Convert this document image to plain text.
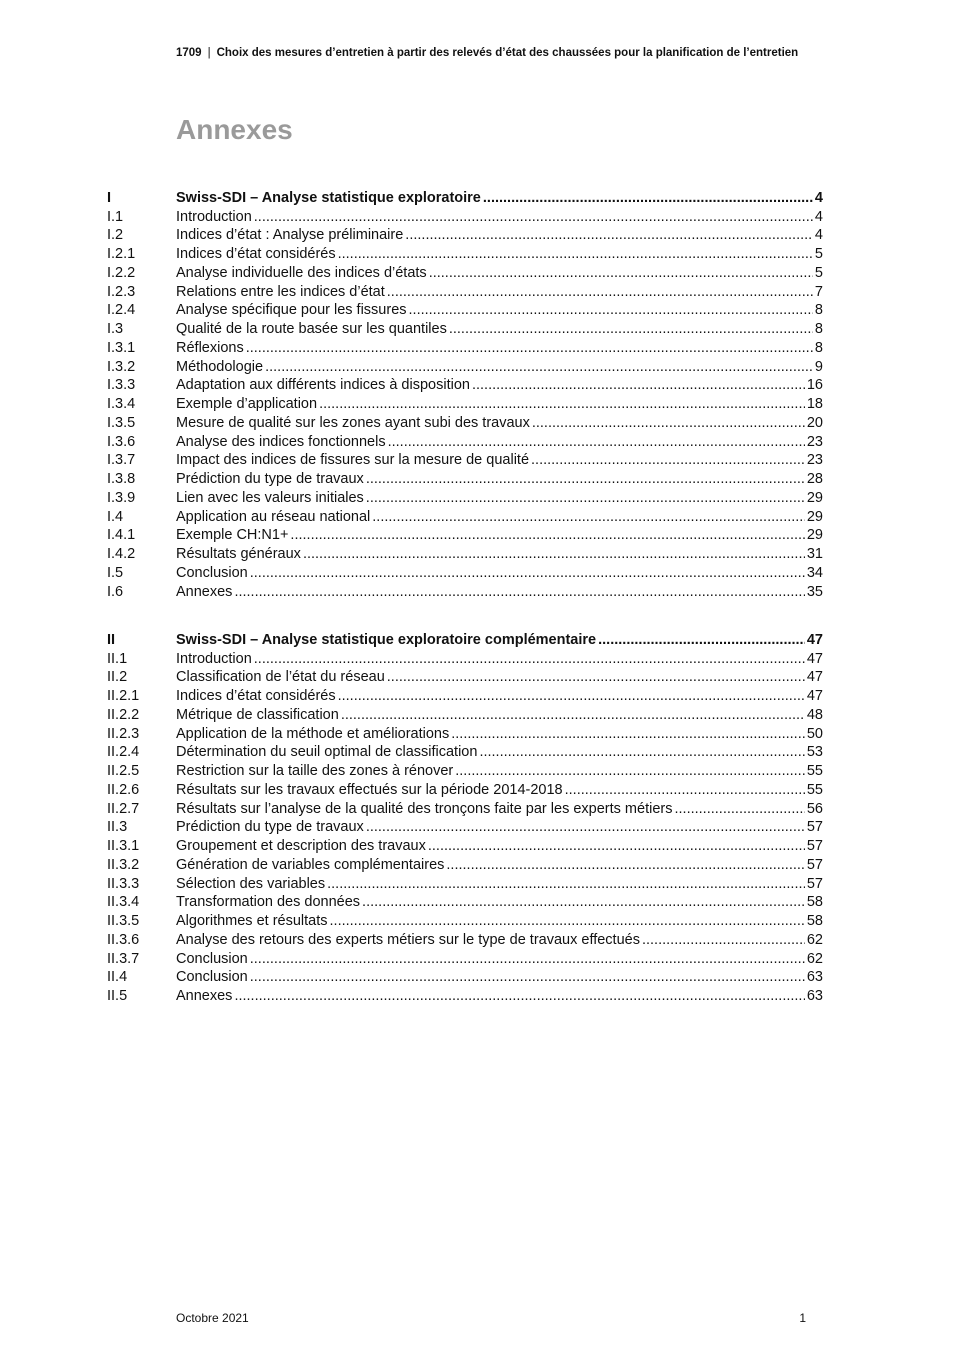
1709 | Choix des mesures d’entretien à partir des relevés d’état des chaussées pour la planification de l’entretien
Annexes
I	Swiss-SDI – Analyse statistique exploratoire .....	4
I.1	Introduction .....	4
I.2	Indices d’état : Analyse préliminaire .....	4
I.2.1	Indices d’état considérés .....	5
I.2.2	Analyse individuelle des indices d’états .....	5
I.2.3	Relations entre les indices d’état .....	7
I.2.4	Analyse spécifique pour les fissures .....	8
I.3	Qualité de la route basée sur les quantiles .....	8
I.3.1	Réflexions .....	8
I.3.2	Méthodologie .....	9
I.3.3	Adaptation aux différents indices à disposition .....	16
I.3.4	Exemple d’application .....	18
I.3.5	Mesure de qualité sur les zones ayant subi des travaux .....	20
I.3.6	Analyse des indices fonctionnels .....	23
I.3.7	Impact des indices de fissures sur la mesure de qualité .....	23
I.3.8	Prédiction du type de travaux .....	28
I.3.9	Lien avec les valeurs initiales .....	29
I.4	Application au réseau national .....	29
I.4.1	Exemple CH:N1+ .....	29
I.4.2	Résultats généraux .....	31
I.5	Conclusion .....	34
I.6	Annexes .....	35
II	Swiss-SDI – Analyse statistique exploratoire complémentaire .....	47
II.1	Introduction .....	47
II.2	Classification de l’état du réseau .....	47
II.2.1	Indices d’état considérés .....	47
II.2.2	Métrique de classification .....	48
II.2.3	Application de la méthode et améliorations .....	50
II.2.4	Détermination du seuil optimal de classification .....	53
II.2.5	Restriction sur la taille des zones à rénover .....	55
II.2.6	Résultats sur les travaux effectués sur la période 2014-2018 .....	55
II.2.7	Résultats sur l’analyse de la qualité des tronçons faite par les experts métiers .....	56
II.3	Prédiction du type de travaux .....	57
II.3.1	Groupement et description des travaux .....	57
II.3.2	Génération de variables complémentaires .....	57
II.3.3	Sélection des variables .....	57
II.3.4	Transformation des données .....	58
II.3.5	Algorithmes et résultats .....	58
II.3.6	Analyse des retours des experts métiers sur le type de travaux effectués .....	62
II.3.7	Conclusion .....	62
II.4	Conclusion .....	63
II.5	Annexes .....	63
Octobre 2021	1
